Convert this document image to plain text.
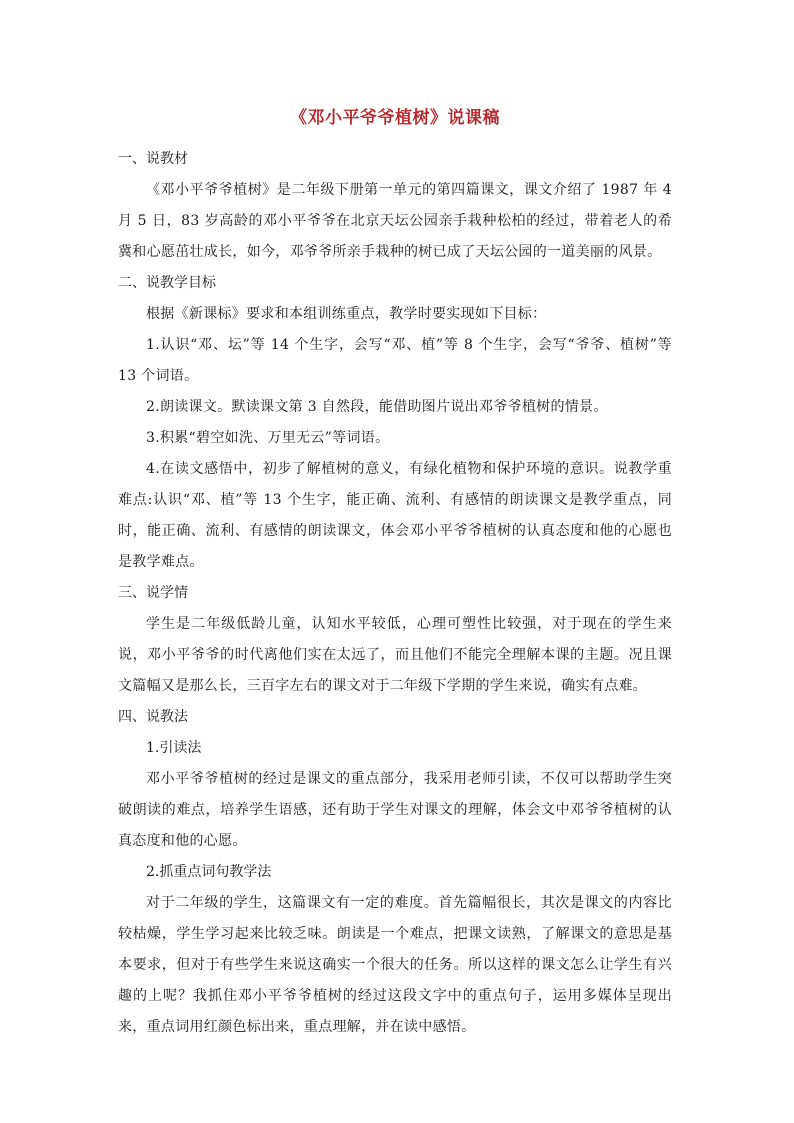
《邓小平爷爷植树》说课稿

一、说教材

《邓小平爷爷植树》是二年级下册第一单元的第四篇课文，课文介绍了 1987 年 4 月 5 日，83 岁高龄的邓小平爷爷在北京天坛公园亲手栽种松柏的经过，带着老人的希冀和心愿茁壮成长，如今，邓爷爷所亲手栽种的树已成了天坛公园的一道美丽的风景。

二、说教学目标

根据《新课标》要求和本组训练重点，教学时要实现如下目标：

1.认识“邓、坛”等 14 个生字，会写“邓、植”等 8 个生字，会写“爷爷、植树”等 13 个词语。

2.朗读课文。默读课文第 3 自然段，能借助图片说出邓爷爷植树的情景。

3.积累“碧空如洗、万里无云”等词语。

4.在读文感悟中，初步了解植树的意义，有绿化植物和保护环境的意识。说教学重难点:认识“邓、植”等 13 个生字，能正确、流利、有感情的朗读课文是教学重点，同时，能正确、流利、有感情的朗读课文，体会邓小平爷爷植树的认真态度和他的心愿也是教学难点。

三、说学情

学生是二年级低龄儿童，认知水平较低，心理可塑性比较强，对于现在的学生来说，邓小平爷爷的时代离他们实在太远了，而且他们不能完全理解本课的主题。况且课文篇幅又是那么长，三百字左右的课文对于二年级下学期的学生来说，确实有点难。

四、说教法

1.引读法

邓小平爷爷植树的经过是课文的重点部分，我采用老师引读，不仅可以帮助学生突破朗读的难点，培养学生语感，还有助于学生对课文的理解，体会文中邓爷爷植树的认真态度和他的心愿。

2.抓重点词句教学法

对于二年级的学生，这篇课文有一定的难度。首先篇幅很长，其次是课文的内容比较枯燥，学生学习起来比较乏味。朗读是一个难点，把课文读熟，了解课文的意思是基本要求，但对于有些学生来说这确实一个很大的任务。所以这样的课文怎么让学生有兴趣的上呢？我抓住邓小平爷爷植树的经过这段文字中的重点句子，运用多媒体呈现出来，重点词用红颜色标出来，重点理解，并在读中感悟。
